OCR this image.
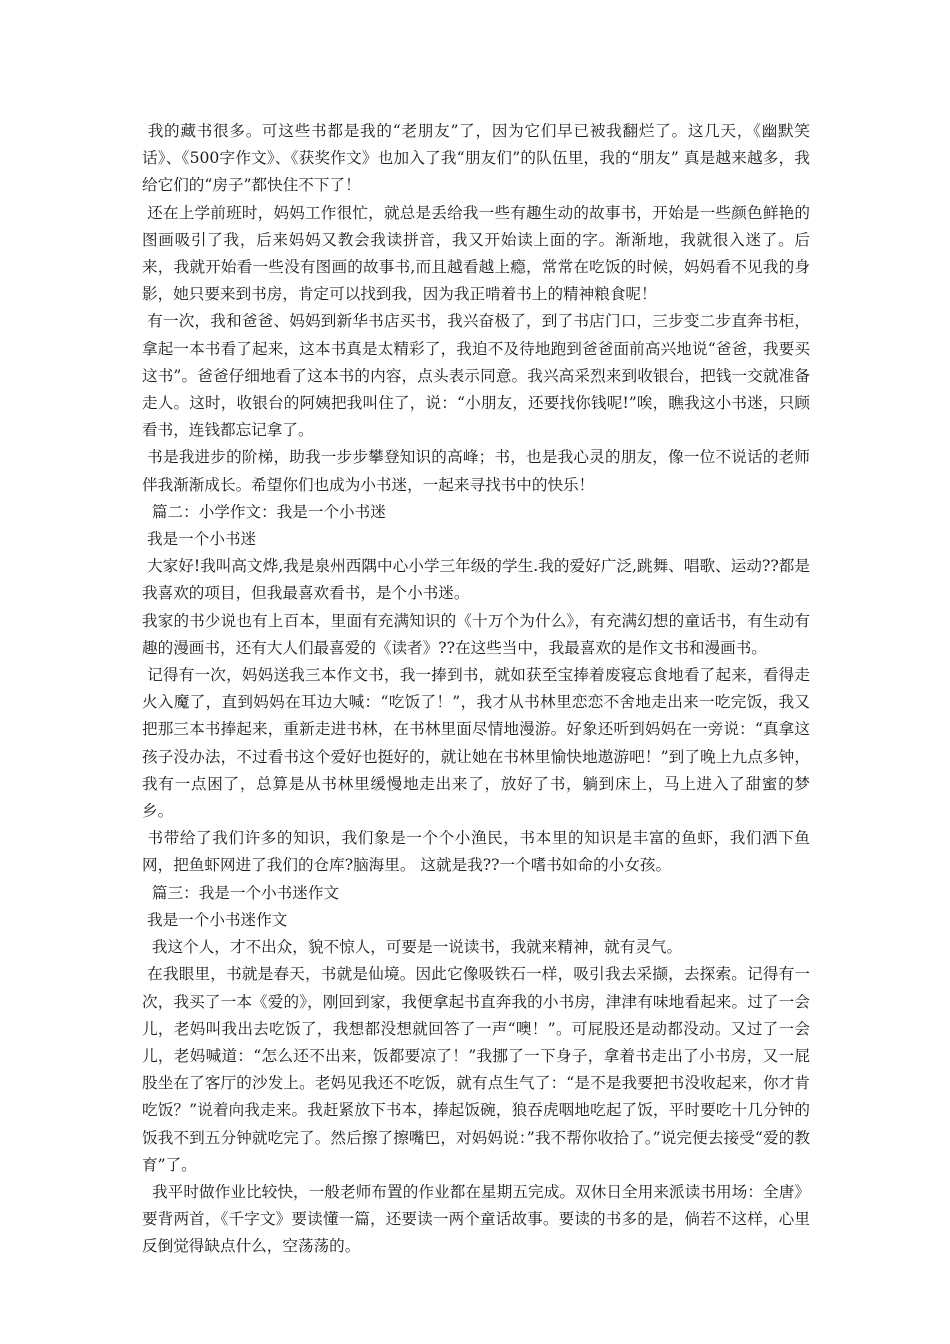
我的藏书很多。可这些书都是我的“老朋友”了，因为它们早已被我翻烂了。这几天，《幽默笑话》、《500字作文》、《获奖作文》也加入了我“朋友们”的队伍里，我的“朋友” 真是越来越多，我给它们的“房子”都快住不下了！

还在上学前班时，妈妈工作很忙，就总是丢给我一些有趣生动的故事书，开始是一些颜色鲜艳的图画吸引了我，后来妈妈又教会我读拼音，我又开始读上面的字。渐渐地，我就很入迷了。后来，我就开始看一些没有图画的故事书,而且越看越上瘾，常常在吃饭的时候，妈妈看不见我的身影，她只要来到书房，肯定可以找到我，因为我正啃着书上的精神粮食呢！

有一次，我和爸爸、妈妈到新华书店买书，我兴奋极了，到了书店门口，三步变二步直奔书柜，拿起一本书看了起来，这本书真是太精彩了，我迫不及待地跑到爸爸面前高兴地说“爸爸，我要买这书”。爸爸仔细地看了这本书的内容，点头表示同意。我兴高采烈来到收银台，把钱一交就准备走人。这时，收银台的阿姨把我叫住了，说：“小朋友，还要找你钱呢!”唉，瞧我这小书迷，只顾看书，连钱都忘记拿了。

书是我进步的阶梯，助我一步步攀登知识的高峰；书，也是我心灵的朋友，像一位不说话的老师伴我渐渐成长。希望你们也成为小书迷，一起来寻找书中的快乐！

篇二：小学作文：我是一个小书迷

我是一个小书迷

大家好!我叫高文烨,我是泉州西隅中心小学三年级的学生.我的爱好广泛,跳舞、唱歌、运动??都是我喜欢的项目，但我最喜欢看书，是个小书迷。

我家的书少说也有上百本，里面有充满知识的《十万个为什么》，有充满幻想的童话书，有生动有趣的漫画书，还有大人们最喜爱的《读者》??在这些当中，我最喜欢的是作文书和漫画书。

记得有一次，妈妈送我三本作文书，我一捧到书，就如获至宝捧着废寝忘食地看了起来，看得走火入魔了，直到妈妈在耳边大喊：“吃饭了！”，我才从书林里恋恋不舍地走出来一吃完饭，我又把那三本书捧起来，重新走进书林，在书林里面尽情地漫游。好象还听到妈妈在一旁说：“真拿这孩子没办法，不过看书这个爱好也挺好的，就让她在书林里愉快地遨游吧！”到了晚上九点多钟，我有一点困了，总算是从书林里缓慢地走出来了，放好了书，躺到床上，马上进入了甜蜜的梦乡。

书带给了我们许多的知识，我们象是一个个小渔民，书本里的知识是丰富的鱼虾，我们洒下鱼网，把鱼虾网进了我们的仓库?脑海里。 这就是我??一个嗜书如命的小女孩。

篇三：我是一个小书迷作文

我是一个小书迷作文

我这个人，才不出众，貌不惊人，可要是一说读书，我就来精神，就有灵气。

在我眼里，书就是春天，书就是仙境。因此它像吸铁石一样，吸引我去采撷，去探索。记得有一次，我买了一本《爱的》，刚回到家，我便拿起书直奔我的小书房，津津有味地看起来。过了一会儿，老妈叫我出去吃饭了，我想都没想就回答了一声“噢！”。可屁股还是动都没动。又过了一会儿，老妈喊道：“怎么还不出来，饭都要凉了！”我挪了一下身子，拿着书走出了小书房，又一屁股坐在了客厅的沙发上。老妈见我还不吃饭，就有点生气了：“是不是我要把书没收起来，你才肯吃饭？”说着向我走来。我赶紧放下书本，捧起饭碗，狼吞虎咽地吃起了饭，平时要吃十几分钟的饭我不到五分钟就吃完了。然后擦了擦嘴巴，对妈妈说：”我不帮你收拾了。”说完便去接受“爱的教育”了。

我平时做作业比较快，一般老师布置的作业都在星期五完成。双休日全用来派读书用场：全唐》要背两首，《千字文》要读懂一篇，还要读一两个童话故事。要读的书多的是，倘若不这样，心里反倒觉得缺点什么，空荡荡的。
